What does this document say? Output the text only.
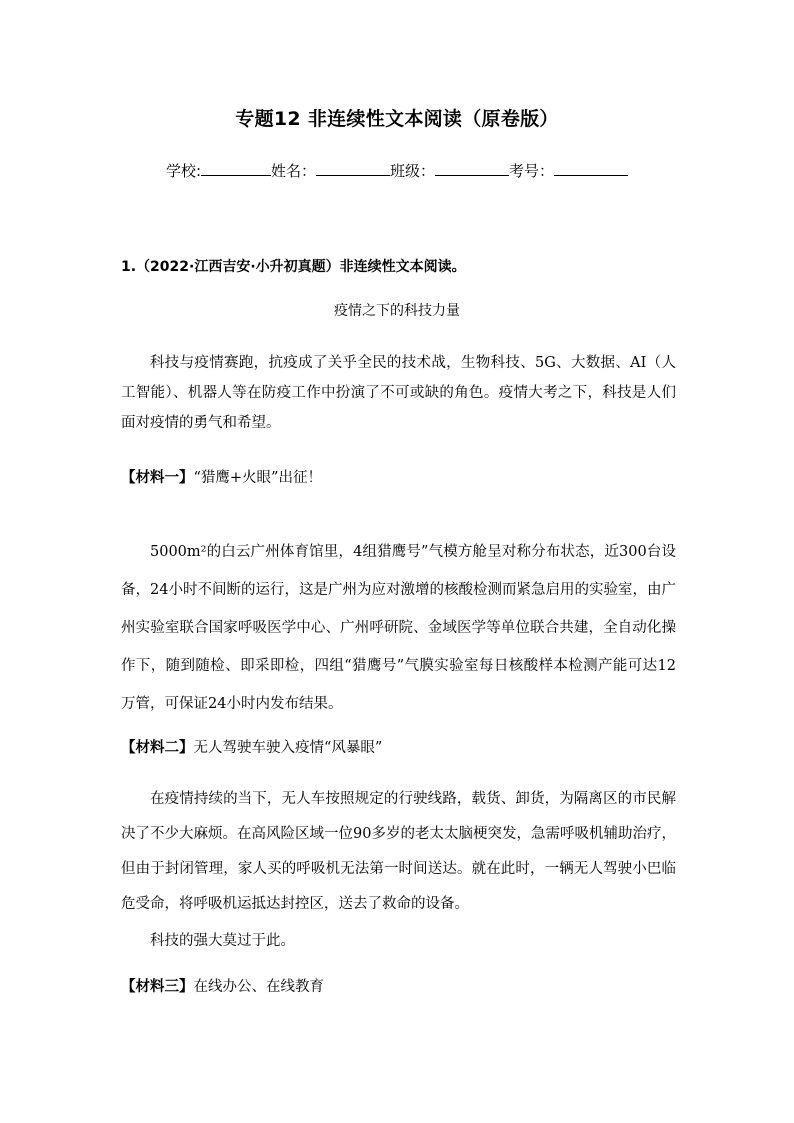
专题12 非连续性文本阅读（原卷版）
学校:	姓名：	班级：	考号：
1.（2022·江西吉安·小升初真题）非连续性文本阅读。
疫情之下的科技力量
科技与疫情赛跑，抗疫成了关乎全民的技术战，生物科技、5G、大数据、AI（人工智能）、机器人等在防疫工作中扮演了不可或缺的角色。疫情大考之下，科技是人们面对疫情的勇气和希望。
【材料一】“猎鹰+火眼”出征！
5000m²的白云广州体育馆里，4组猎鹰号”气模方舱呈对称分布状态，近300台设备，24小时不间断的运行，这是广州为应对激增的核酸检测而紧急启用的实验室，由广州实验室联合国家呼吸医学中心、广州呼研院、金域医学等单位联合共建，全自动化操作下，随到随检、即采即检，四组“猎鹰号”气膜实验室每日核酸样本检测产能可达12万管，可保证24小时内发布结果。
【材料二】无人驾驶车驶入疫情“风暴眼”
在疫情持续的当下，无人车按照规定的行驶线路，载货、卸货，为隔离区的市民解决了不少大麻烦。在高风险区域一位90多岁的老太太脑梗突发，急需呼吸机辅助治疗，但由于封闭管理，家人买的呼吸机无法第一时间送达。就在此时，一辆无人驾驶小巴临危受命，将呼吸机运抵达封控区，送去了救命的设备。
科技的强大莫过于此。
【材料三】在线办公、在线教育
